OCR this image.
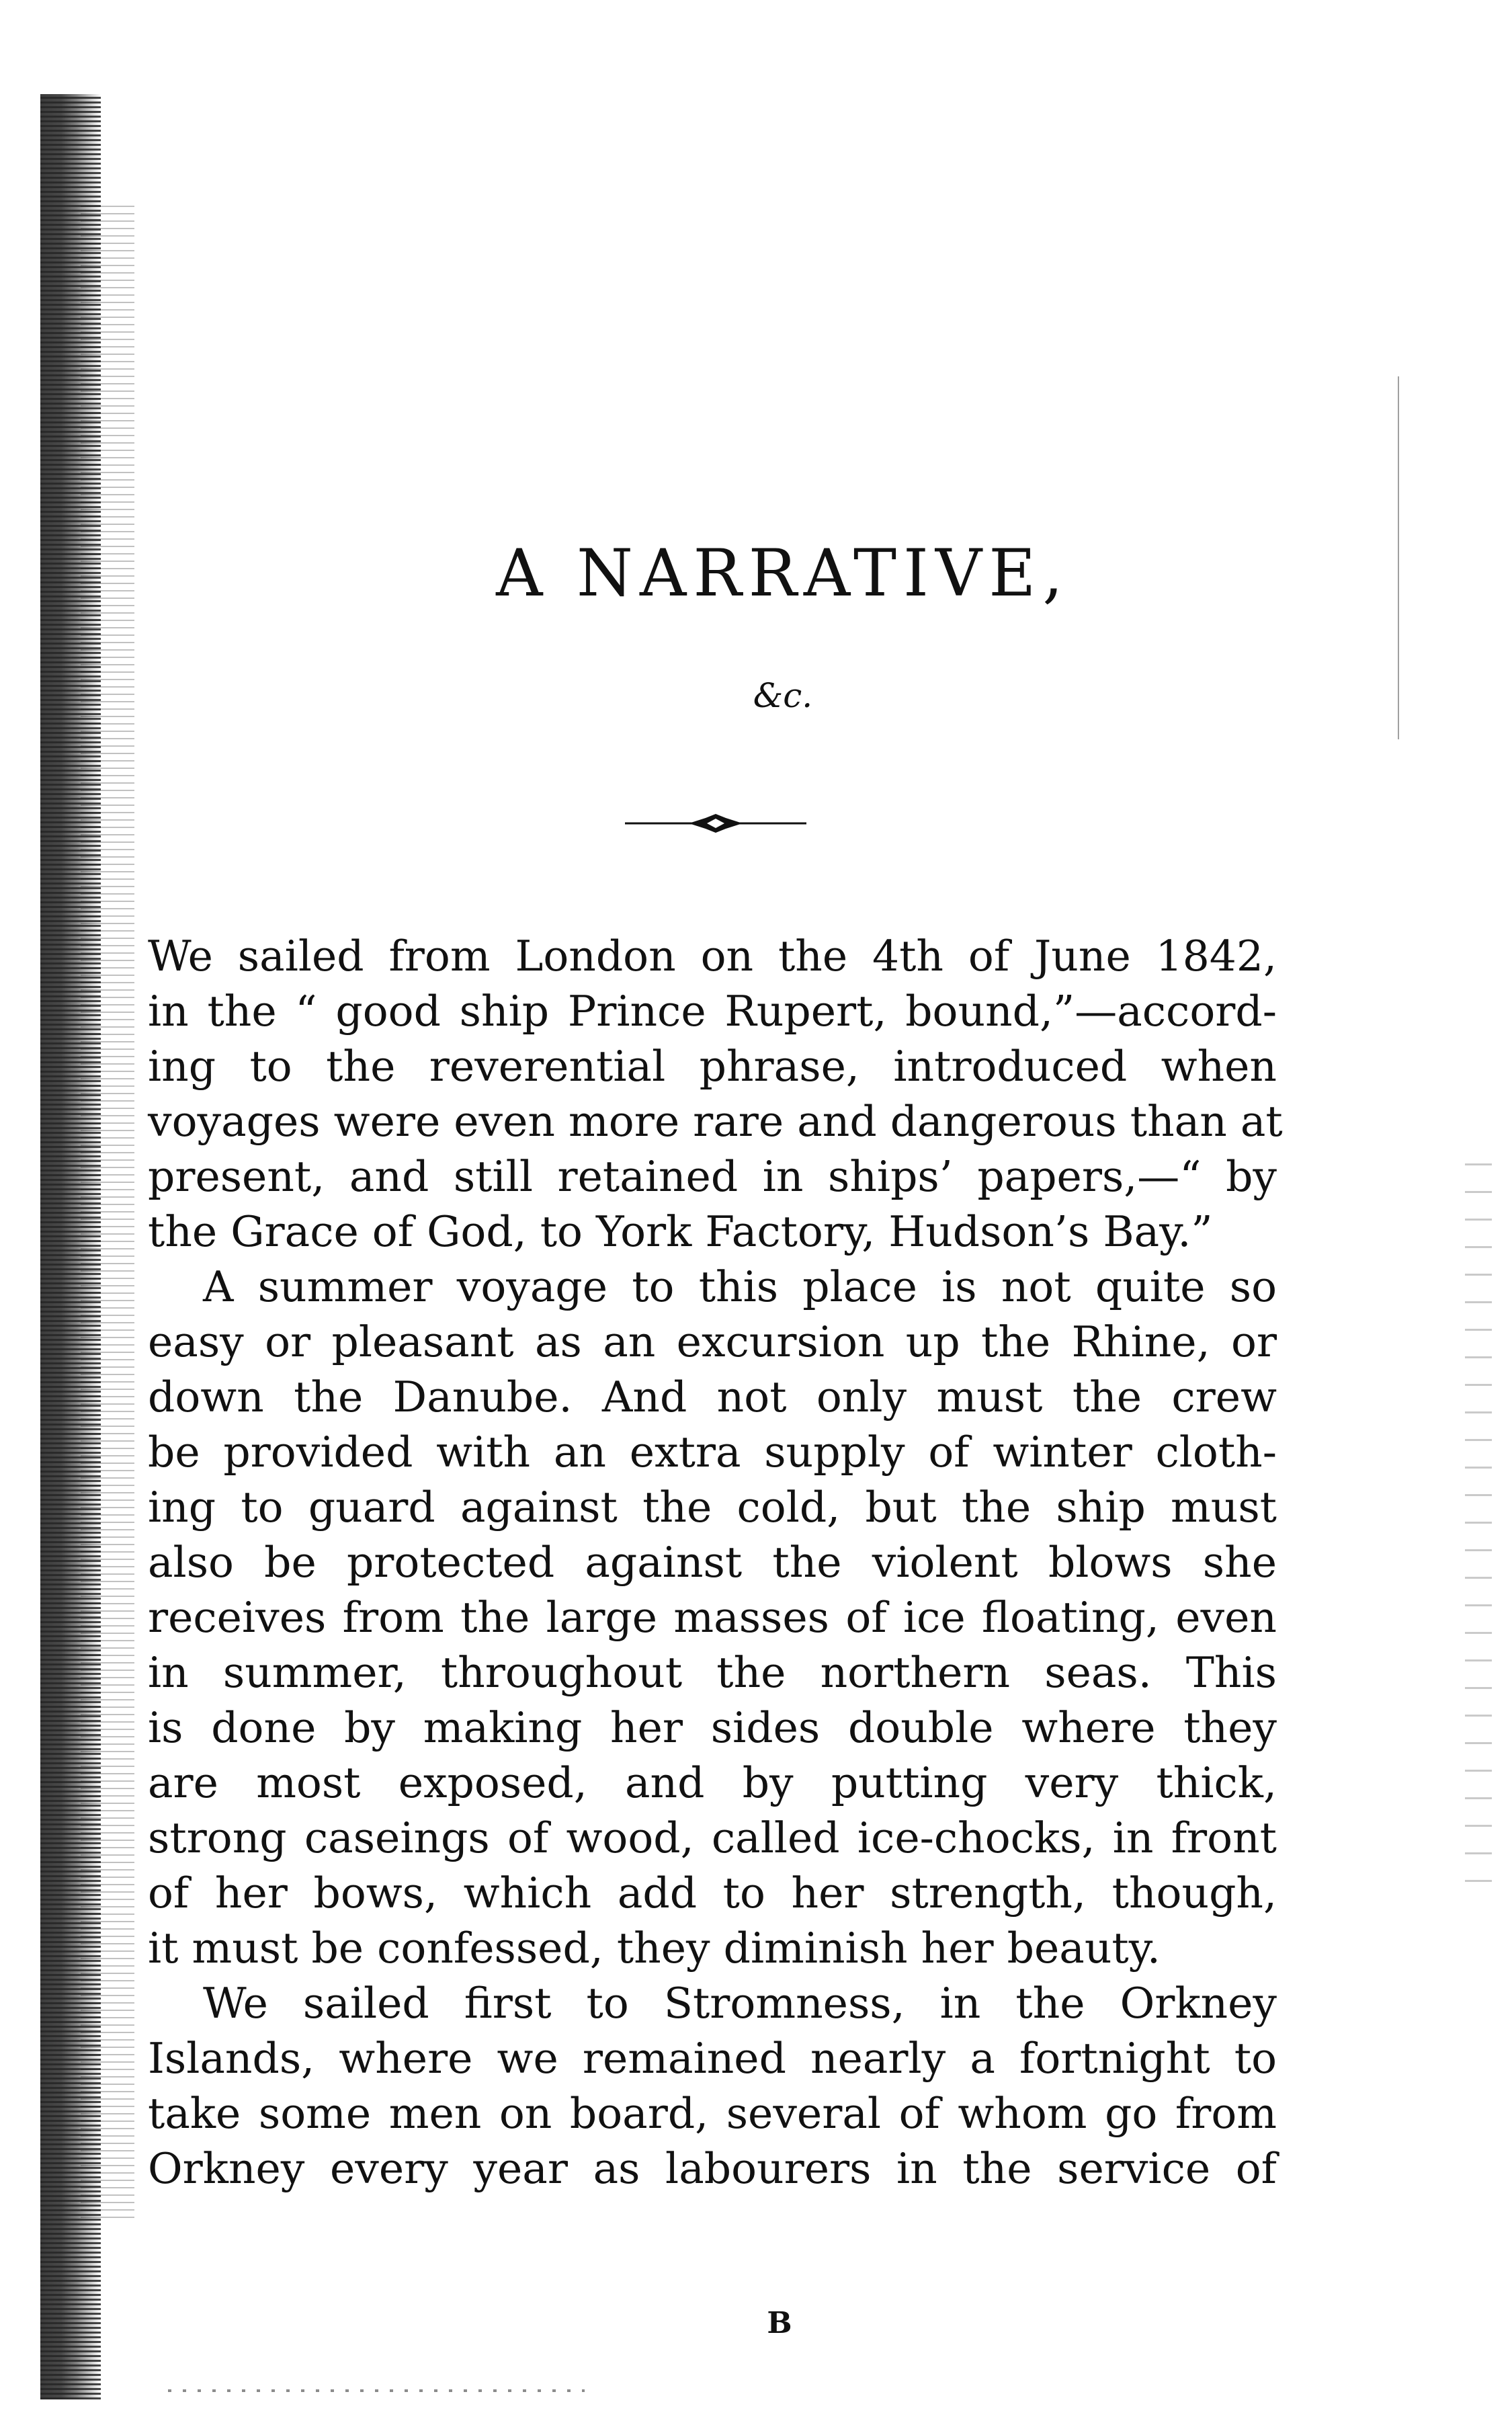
A NARRATIVE,
&c.

We sailed from London on the 4th of June 1842,
in the “ good ship Prince Rupert, bound,”—accord-
ing to the reverential phrase, introduced when
voyages were even more rare and dangerous than at
present, and still retained in ships’ papers,—“ by
the Grace of God, to York Factory, Hudson’s Bay.”

A summer voyage to this place is not quite so
easy or pleasant as an excursion up the Rhine, or
down the Danube. And not only must the crew
be provided with an extra supply of winter cloth-
ing to guard against the cold, but the ship must
also be protected against the violent blows she
receives from the large masses of ice floating, even
in summer, throughout the northern seas. This
is done by making her sides double where they
are most exposed, and by putting very thick,
strong caseings of wood, called ice-chocks, in front
of her bows, which add to her strength, though,
it must be confessed, they diminish her beauty.

We sailed first to Stromness, in the Orkney
Islands, where we remained nearly a fortnight to
take some men on board, several of whom go from
Orkney every year as labourers in the service of

B
